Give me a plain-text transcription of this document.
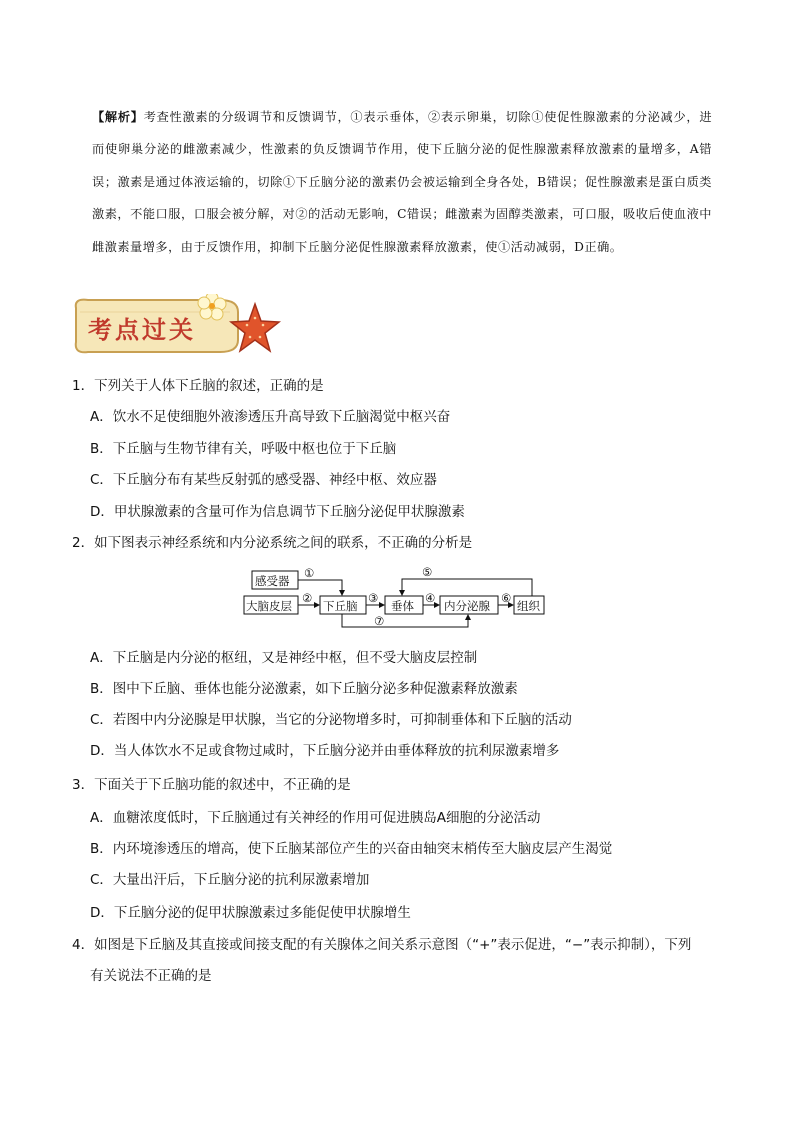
【解析】考查性激素的分级调节和反馈调节，①表示垂体，②表示卵巢，切除①使促性腺激素的分泌减少，进而使卵巢分泌的雌激素减少，性激素的负反馈调节作用，使下丘脑分泌的促性腺激素释放激素的量增多，A错误；激素是通过体液运输的，切除①下丘脑分泌的激素仍会被运输到全身各处，B错误；促性腺激素是蛋白质类激素，不能口服，口服会被分解，对②的活动无影响，C错误；雌激素为固醇类激素，可口服，吸收后使血液中雌激素量增多，由于反馈作用，抑制下丘脑分泌促性腺激素释放激素，使①活动减弱，D正确。
考点过关
1．下列关于人体下丘脑的叙述，正确的是
A．饮水不足使细胞外液渗透压升高导致下丘脑渴觉中枢兴奋
B．下丘脑与生物节律有关，呼吸中枢也位于下丘脑
C．下丘脑分布有某些反射弧的感受器、神经中枢、效应器
D．甲状腺激素的含量可作为信息调节下丘脑分泌促甲状腺激素
2．如下图表示神经系统和内分泌系统之间的联系，不正确的分析是
感受器
大脑皮层	下丘脑	垂体	内分泌腺 组织
①
②	③	④
⑤
⑥
⑦
A．下丘脑是内分泌的枢纽，又是神经中枢，但不受大脑皮层控制
B．图中下丘脑、垂体也能分泌激素，如下丘脑分泌多种促激素释放激素
C．若图中内分泌腺是甲状腺，当它的分泌物增多时，可抑制垂体和下丘脑的活动
D．当人体饮水不足或食物过咸时，下丘脑分泌并由垂体释放的抗利尿激素增多
3．下面关于下丘脑功能的叙述中，不正确的是
A．血糖浓度低时，下丘脑通过有关神经的作用可促进胰岛A细胞的分泌活动
B．内环境渗透压的增高，使下丘脑某部位产生的兴奋由轴突末梢传至大脑皮层产生渴觉
C．大量出汗后，下丘脑分泌的抗利尿激素增加
D．下丘脑分泌的促甲状腺激素过多能促使甲状腺增生
4．如图是下丘脑及其直接或间接支配的有关腺体之间关系示意图（“+”表示促进，“−”表示抑制），下列
有关说法不正确的是
